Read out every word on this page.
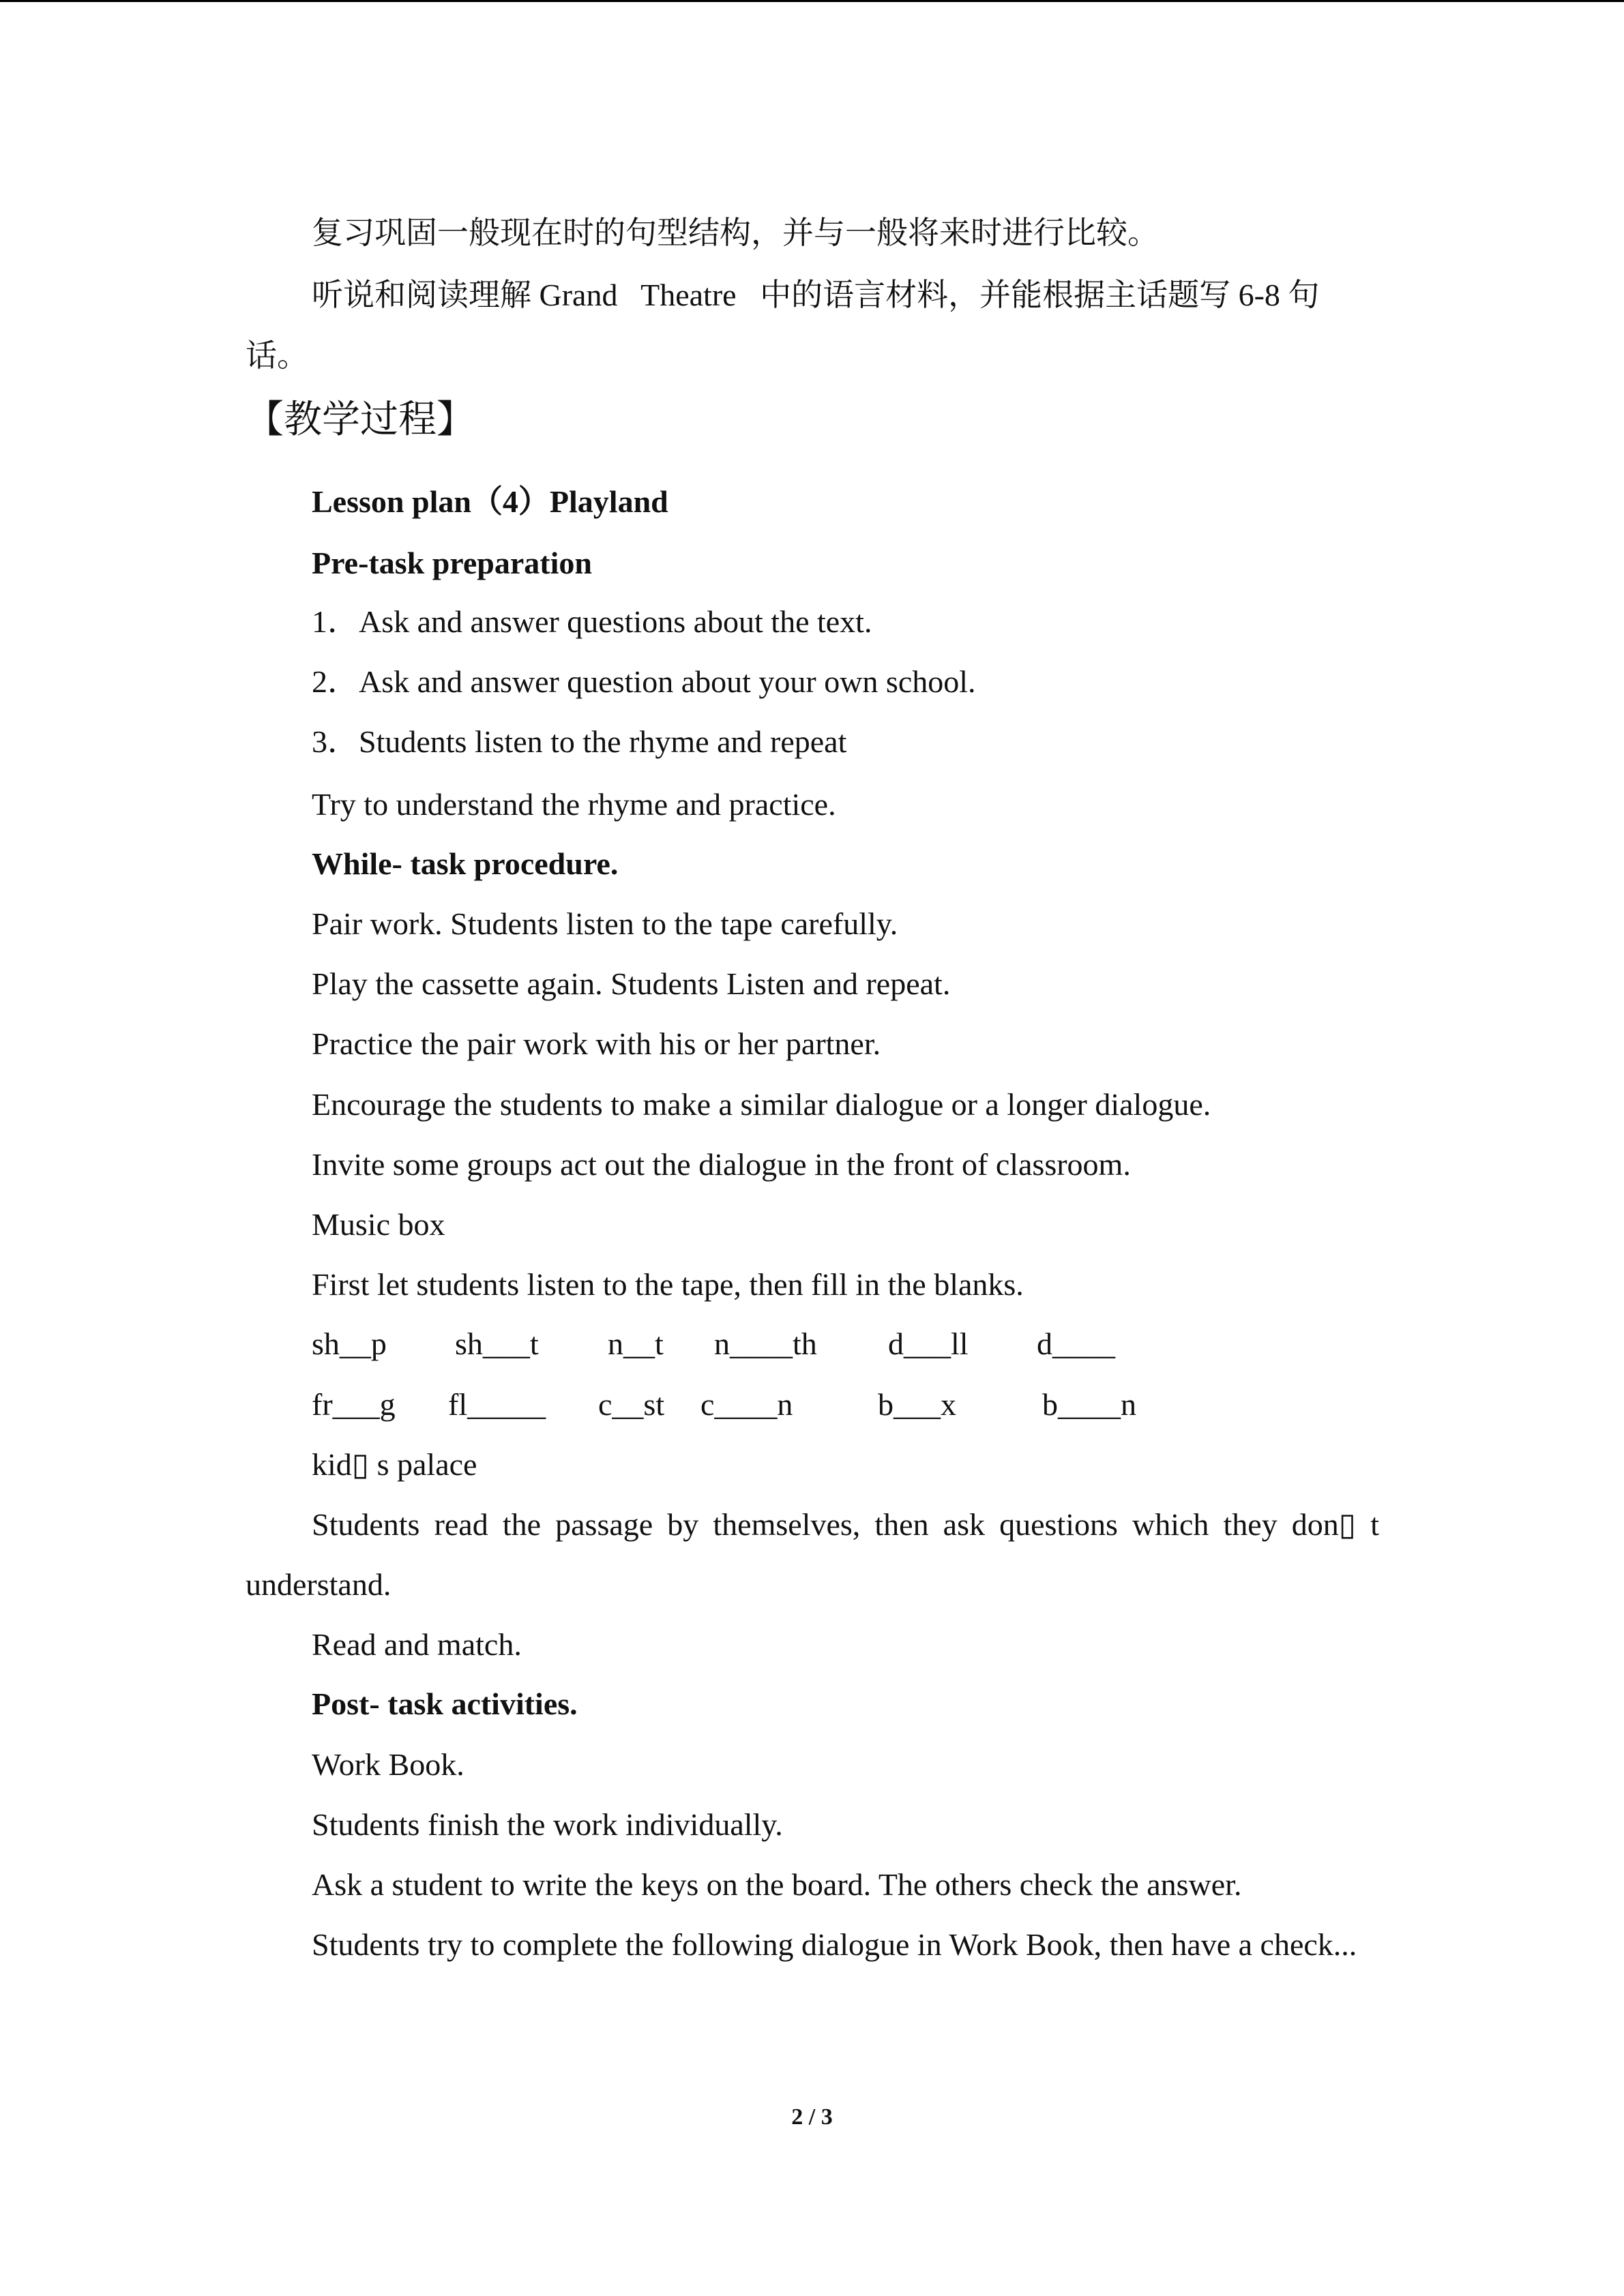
复习巩固一般现在时的句型结构，并与一般将来时进行比较。
听说和阅读理解 Grand   Theatre   中的语言材料，并能根据主话题写 6-8 句
话。
【教学过程】
Lesson plan（4）Playland
Pre-task preparation
1．Ask and answer questions about the text.
2．Ask and answer question about your own school.
3．Students listen to the rhyme and repeat
Try to understand the rhyme and practice.
While- task procedure.
Pair work. Students listen to the tape carefully.
Play the cassette again. Students Listen and repeat.
Practice the pair work with his or her partner.
Encourage the students to make a similar dialogue or a longer dialogue.
Invite some groups act out the dialogue in the front of classroom.
Music box
First let students listen to the tape, then fill in the blanks.

sh__p

sh___t

n__t

n____th

d___ll

d____

fr___g

fl_____

c__st

c____n

	b___x

	b____n

kid▯ s palace
Students read the passage by themselves, then ask questions which they don▯ t
understand.
Read and match.
Post- task activities.
Work Book.
Students finish the work individually.
Ask a student to write the keys on the board. The others check the answer.
Students try to complete the following dialogue in Work Book, then have a check...
2 / 3
